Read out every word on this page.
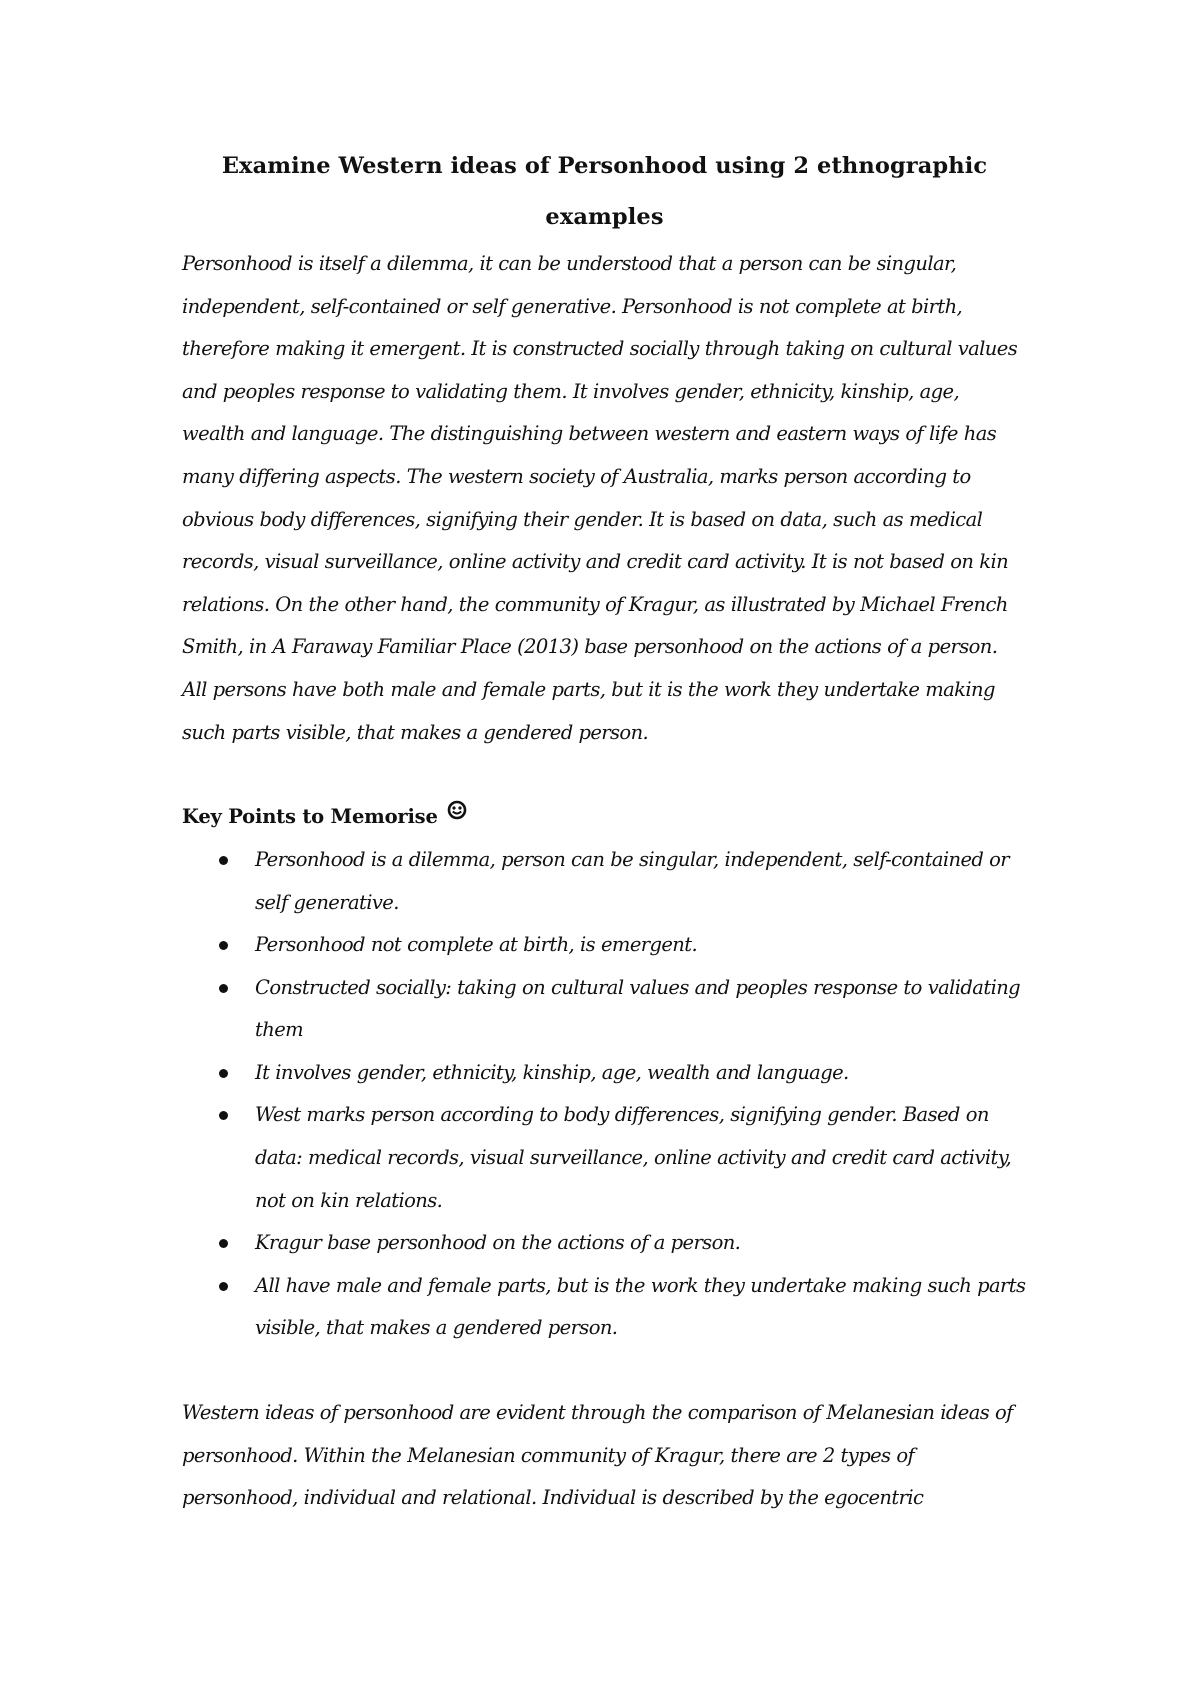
Examine Western ideas of Personhood using 2 ethnographic examples

Personhood is itself a dilemma, it can be understood that a person can be singular, independent, self-contained or self generative. Personhood is not complete at birth, therefore making it emergent. It is constructed socially through taking on cultural values and peoples response to validating them. It involves gender, ethnicity, kinship, age, wealth and language. The distinguishing between western and eastern ways of life has many differing aspects. The western society of Australia, marks person according to obvious body differences, signifying their gender. It is based on data, such as medical records, visual surveillance, online activity and credit card activity. It is not based on kin relations. On the other hand, the community of Kragur, as illustrated by Michael French Smith, in A Faraway Familiar Place (2013) base personhood on the actions of a person. All persons have both male and female parts, but it is the work they undertake making such parts visible, that makes a gendered person.

Key Points to Memorise

Personhood is a dilemma, person can be singular, independent, self-contained or self generative.
Personhood not complete at birth, is emergent.
Constructed socially: taking on cultural values and peoples response to validating them
It involves gender, ethnicity, kinship, age, wealth and language.
West marks person according to body differences, signifying gender. Based on data: medical records, visual surveillance, online activity and credit card activity, not on kin relations.
Kragur base personhood on the actions of a person.
All have male and female parts, but is the work they undertake making such parts visible, that makes a gendered person.

Western ideas of personhood are evident through the comparison of Melanesian ideas of personhood. Within the Melanesian community of Kragur, there are 2 types of personhood, individual and relational. Individual is described by the egocentric
